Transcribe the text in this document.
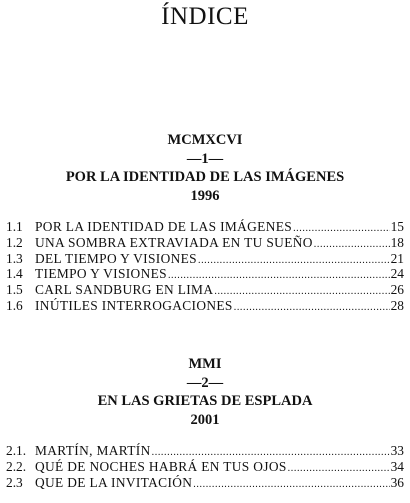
ÍNDICE
MCMXCVI
—1—
POR LA IDENTIDAD DE LAS IMÁGENES
1996
1.1 POR LA IDENTIDAD DE LAS IMÁGENES .....	15
1.2 UNA SOMBRA EXTRAVIADA EN TU SUEÑO .....	18
1.3 DEL TIEMPO Y VISIONES .....	21
1.4 TIEMPO Y VISIONES .....	24
1.5 CARL SANDBURG EN LIMA .....	26
1.6 INÚTILES INTERROGACIONES .....	28
MMI
—2—
EN LAS GRIETAS DE ESPLADA
2001
2.1. MARTÍN, MARTÍN .....	33
2.2. QUÉ DE NOCHES HABRÁ EN TUS OJOS .....	34
2.3 QUE DE LA INVITACIÓN .....	36
